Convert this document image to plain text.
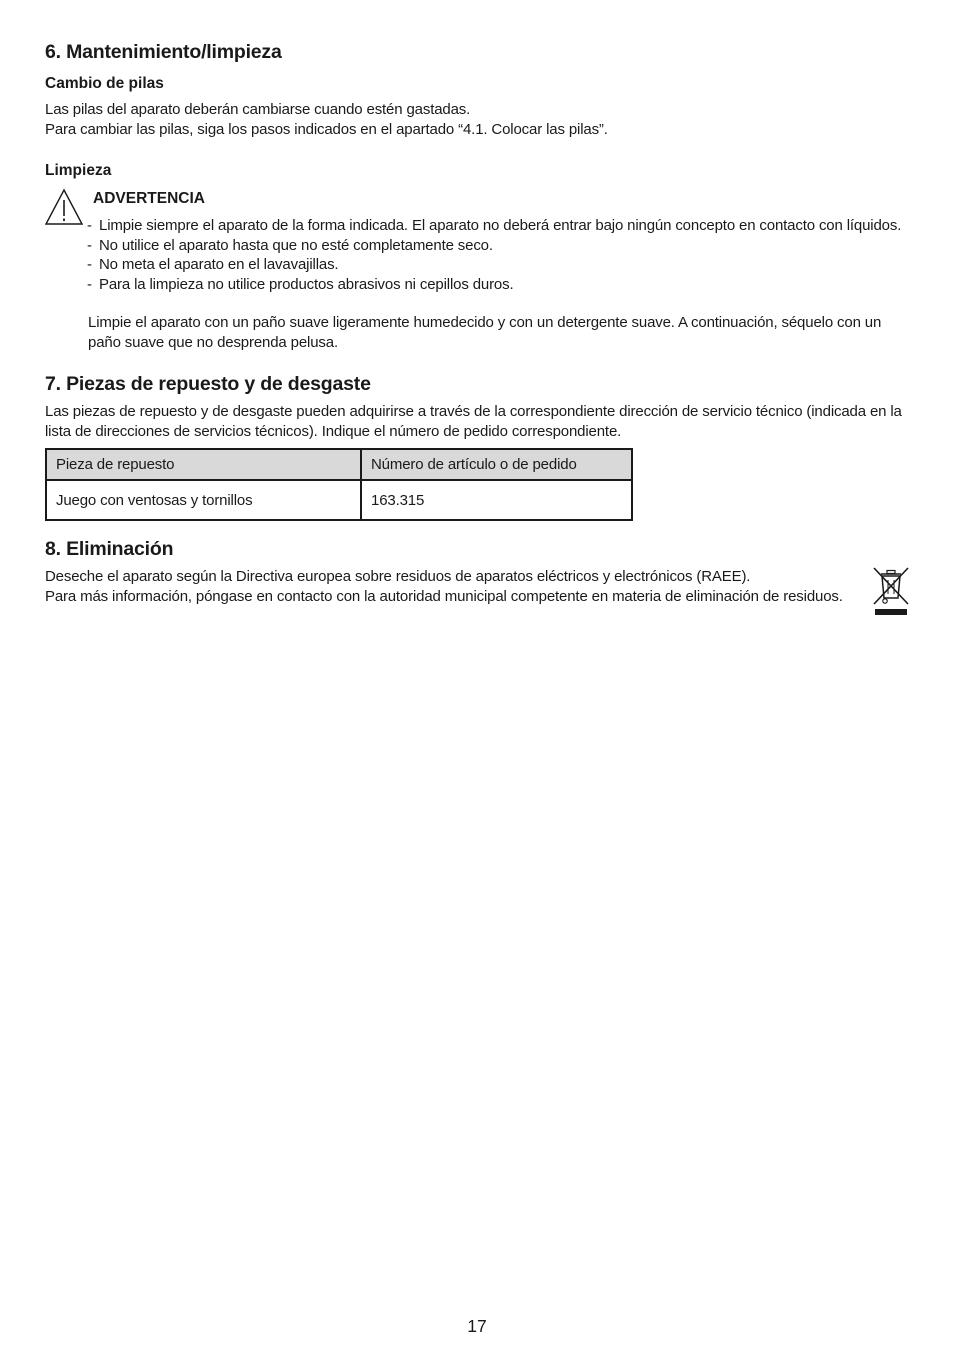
6. Mantenimiento/limpieza
Cambio de pilas

Las pilas del aparato deberán cambiarse cuando estén gastadas.

Para cambiar las pilas, siga los pasos indicados en el apartado “4.1. Colocar las pilas”.

Limpieza
ADVERTENCIA
- Limpie siempre el aparato de la forma indicada. El aparato no deberá entrar bajo ningún concepto en contacto con líquidos.
- No utilice el aparato hasta que no esté completamente seco.
- No meta el aparato en el lavavajillas.
- Para la limpieza no utilice productos abrasivos ni cepillos duros.

Limpie el aparato con un paño suave ligeramente humedecido y con un detergente suave. A continuación, séquelo con un paño suave que no desprenda pelusa.

7. Piezas de repuesto y de desgaste

Las piezas de repuesto y de desgaste pueden adquirirse a través de la correspondiente dirección de servicio técnico (indicada en la lista de direcciones de servicios técnicos). Indique el número de pedido correspondiente.

Pieza de repuesto	Número de artículo o de pedido
Juego con ventosas y tornillos	163.315
8. Eliminación

Deseche el aparato según la Directiva europea sobre residuos de aparatos eléctricos y electrónicos (RAEE).

Para más información, póngase en contacto con la autoridad municipal competente en materia de eliminación de residuos.

17
